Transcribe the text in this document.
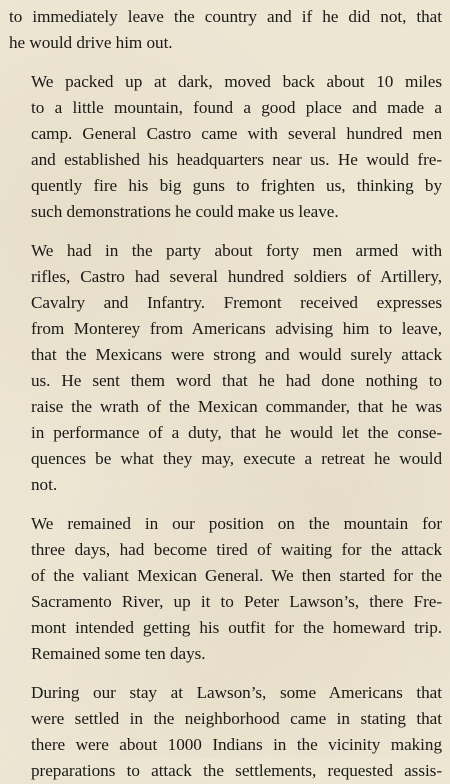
to immediately leave the country and if he did not, that
he would drive him out.

We packed up at dark, moved back about 10 miles
to a little mountain, found a good place and made a
camp. General Castro came with several hundred men
and established his headquarters near us. He would fre-
quently fire his big guns to frighten us, thinking by
such demonstrations he could make us leave.

We had in the party about forty men armed with
rifles, Castro had several hundred soldiers of Artillery,
Cavalry and Infantry. Fremont received expresses
from Monterey from Americans advising him to leave,
that the Mexicans were strong and would surely attack
us. He sent them word that he had done nothing to
raise the wrath of the Mexican commander, that he was
in performance of a duty, that he would let the conse-
quences be what they may, execute a retreat he would
not.

We remained in our position on the mountain for
three days, had become tired of waiting for the attack
of the valiant Mexican General. We then started for the
Sacramento River, up it to Peter Lawson’s, there Fre-
mont intended getting his outfit for the homeward trip.
Remained some ten days.

During our stay at Lawson’s, some Americans that
were settled in the neighborhood came in stating that
there were about 1000 Indians in the vicinity making
preparations to attack the settlements, requested assis-
